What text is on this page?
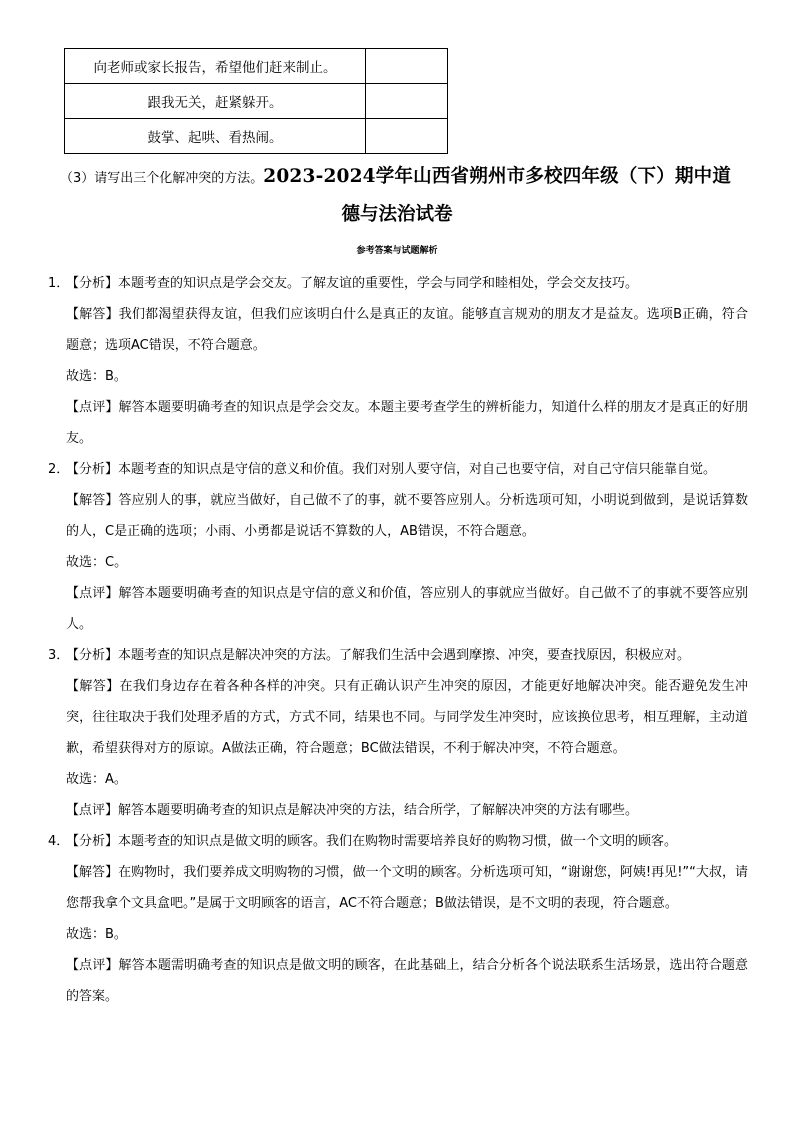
向老师或家长报告，希望他们赶来制止。	
跟我无关，赶紧躲开。	
鼓掌、起哄、看热闹。	
（3）请写出三个化解冲突的方法。2023-2024学年山西省朔州市多校四年级（下）期中道
德与法治试卷
参考答案与试题解析
1．
【分析】本题考查的知识点是学会交友。了解友谊的重要性，学会与同学和睦相处，学会交友技巧。
【解答】我们都渴望获得友谊，但我们应该明白什么是真正的友谊。能够直言规劝的朋友才是益友。选项B正确，符合题意；选项AC错误，不符合题意。
故选：B。
【点评】解答本题要明确考查的知识点是学会交友。本题主要考查学生的辨析能力，知道什么样的朋友才是真正的好朋友。
2．
【分析】本题考查的知识点是守信的意义和价值。我们对别人要守信，对自己也要守信，对自己守信只能靠自觉。
【解答】答应别人的事，就应当做好，自己做不了的事，就不要答应别人。分析选项可知，小明说到做到，是说话算数的人，C是正确的选项；小雨、小勇都是说话不算数的人，AB错误，不符合题意。
故选：C。
【点评】解答本题要明确考查的知识点是守信的意义和价值，答应别人的事就应当做好。自己做不了的事就不要答应别人。
3．
【分析】本题考查的知识点是解决冲突的方法。了解我们生活中会遇到摩擦、冲突，要查找原因，积极应对。
【解答】在我们身边存在着各种各样的冲突。只有正确认识产生冲突的原因，才能更好地解决冲突。能否避免发生冲突，往往取决于我们处理矛盾的方式，方式不同，结果也不同。与同学发生冲突时，应该换位思考，相互理解，主动道歉，希望获得对方的原谅。A做法正确，符合题意；BC做法错误，不利于解决冲突，不符合题意。
故选：A。
【点评】解答本题要明确考查的知识点是解决冲突的方法，结合所学，了解解决冲突的方法有哪些。
4．
【分析】本题考查的知识点是做文明的顾客。我们在购物时需要培养良好的购物习惯，做一个文明的顾客。
【解答】在购物时，我们要养成文明购物的习惯，做一个文明的顾客。分析选项可知，“谢谢您，阿姨!再见!”“大叔，请您帮我拿个文具盒吧。”是属于文明顾客的语言，AC不符合题意；B做法错误，是不文明的表现，符合题意。
故选：B。
【点评】解答本题需明确考查的知识点是做文明的顾客，在此基础上，结合分析各个说法联系生活场景，选出符合题意的答案。
